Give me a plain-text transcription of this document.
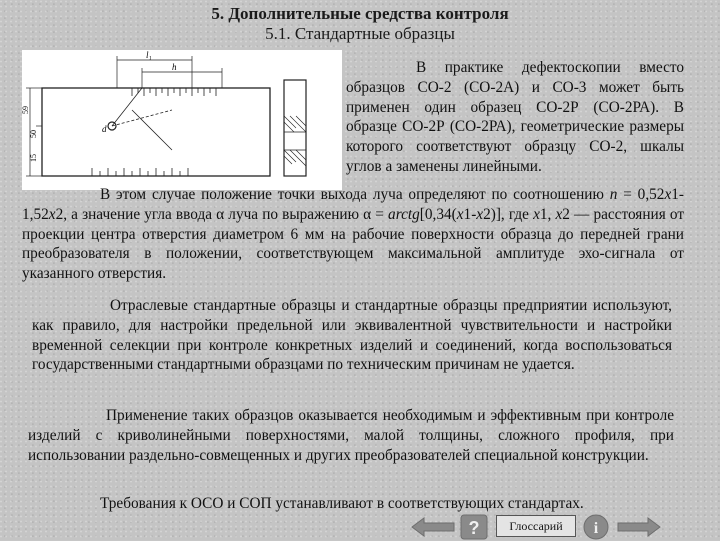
5. Дополнительные средства контроля
5.1. Стандартные образцы
l₁
h
d
50
59
15
В практике дефектоскопии вместо образцов СО-2 (СО-2А) и СО-3 может быть применен один образец СО-2Р (СО-2РА). В образце СО-2Р (СО-2РА), геометрические размеры которого соответствуют образцу СО-2, шкалы углов а заменены линейными.
В этом случае положение точки выхода луча определяют по соотношению n = 0,52x1-1,52x2, а значение угла ввода α луча по выражению α = arctg[0,34(x1-x2)], где x1, x2 — расстояния от проекции центра отверстия диаметром 6 мм на рабочие поверхности образца до передней грани преобразователя в положении, соответствующем максимальной амплитуде эхо-сигнала от указанного отверстия.
Отраслевые стандартные образцы и стандартные образцы предприятии используют, как правило, для настройки предельной или эквивалентной чувствительности и настройки временной селекции при контроле конкретных изделий и соединений, когда воспользоваться государственными стандартными образцами по техническим причинам не удается.
Применение таких образцов оказывается необходимым и эффективным при контроле изделий с криволинейными поверхностями, малой толщины, сложного профиля, при использовании раздельно-совмещенных и других преобразователей специальной конструкции.
Требования к ОСО и СОП устанавливают в соответствующих стандартах.
?	Глоссарий	i
